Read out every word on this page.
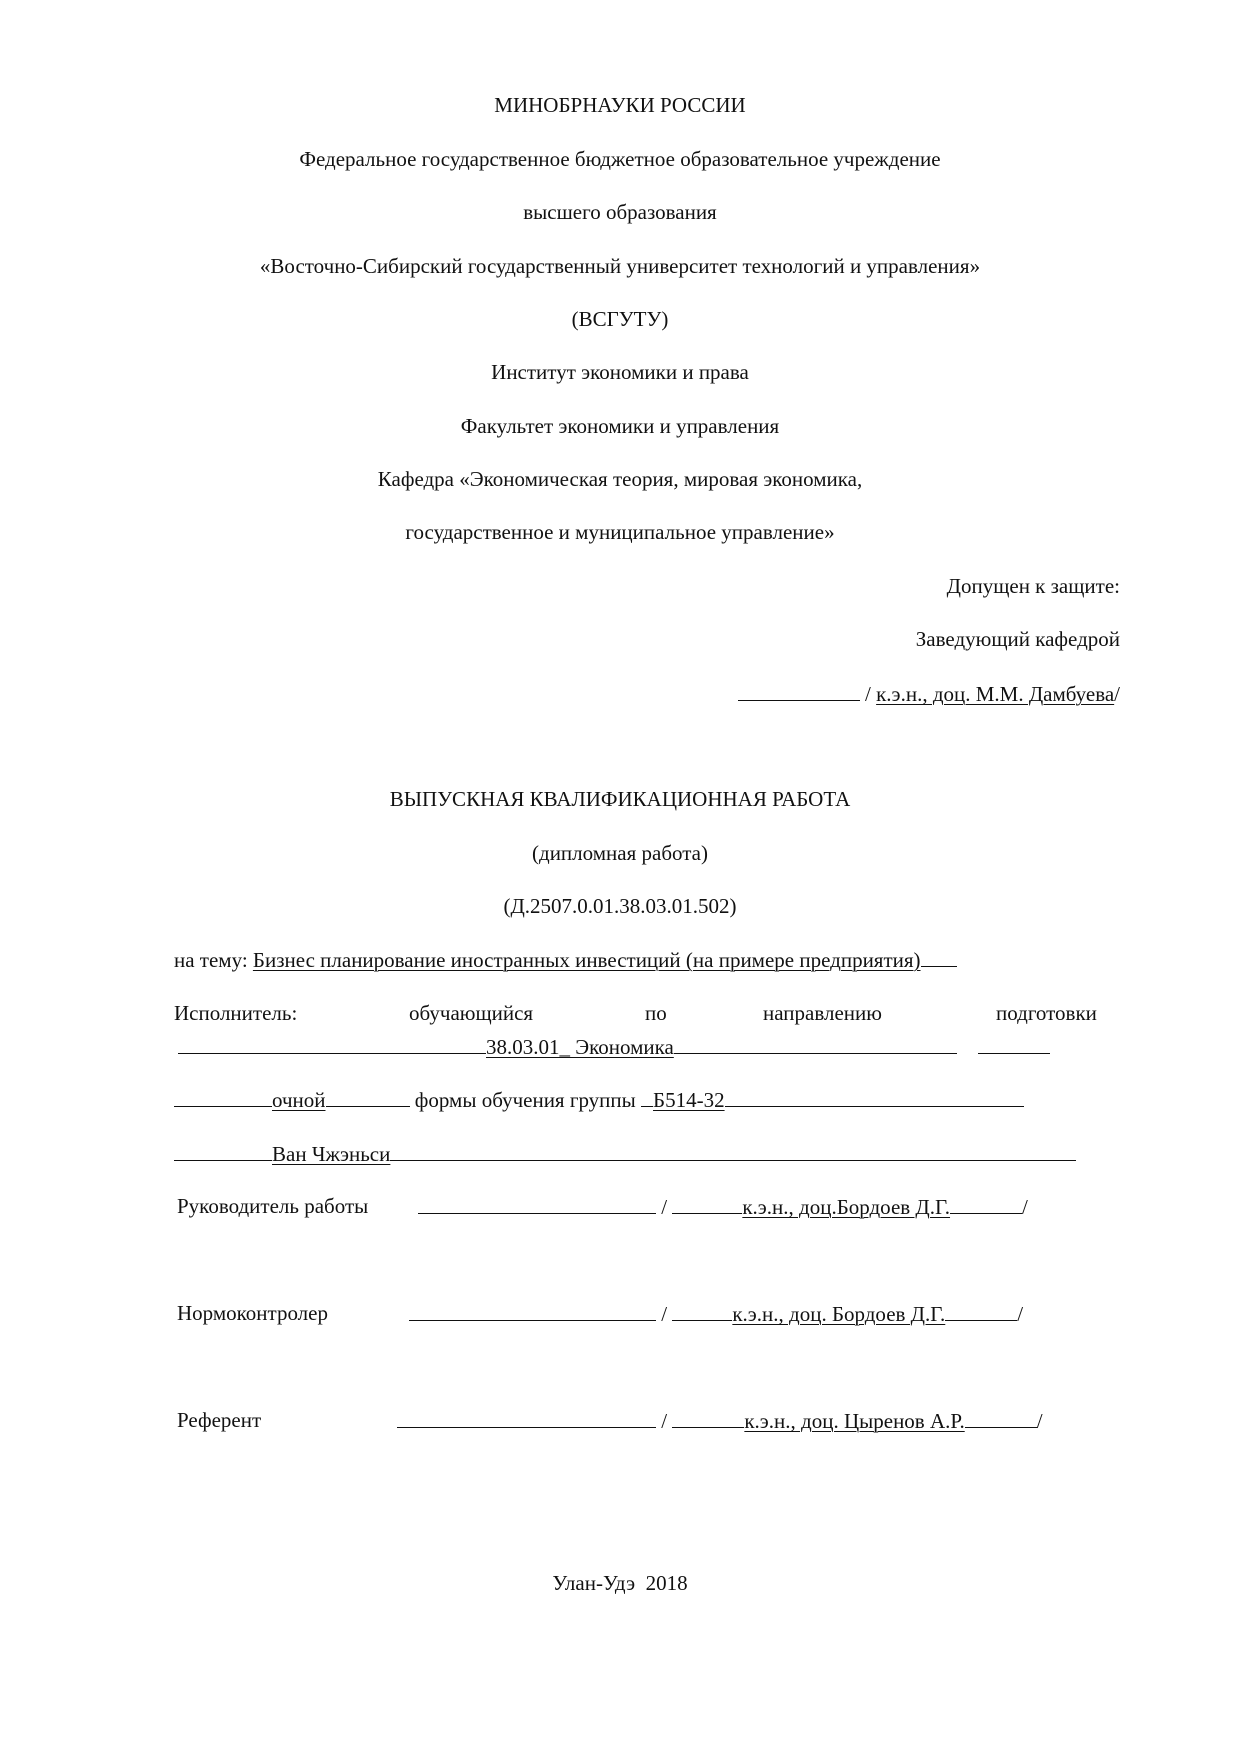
МИНОБРНАУКИ РОССИИ
Федеральное государственное бюджетное образовательное учреждение
высшего образования
«Восточно-Сибирский государственный университет технологий и управления»
(ВСГУТУ)
Институт экономики и права
Факультет экономики и управления
Кафедра «Экономическая теория, мировая экономика,
государственное и муниципальное управление»
Допущен к защите:
Заведующий кафедрой
/ к.э.н., доц. М.М. Дамбуева/
ВЫПУСКНАЯ КВАЛИФИКАЦИОННАЯ РАБОТА
(дипломная работа)
(Д.2507.0.01.38.03.01.502)
на тему: Бизнес планирование иностранных инвестиций (на примере предприятия)
Исполнитель:	обучающийся	по	направлению	подготовки
38.03.01_ Экономика
очной	формы обучения группы Б514-32
Ван Чжэньси
Руководитель работы	/	к.э.н., доц.Бордоев Д.Г.	/
Нормоконтролер	/	к.э.н., доц. Бордоев Д.Г.	/
Референт	/	к.э.н., доц. Цыренов А.Р.	/
Улан-Удэ  2018
